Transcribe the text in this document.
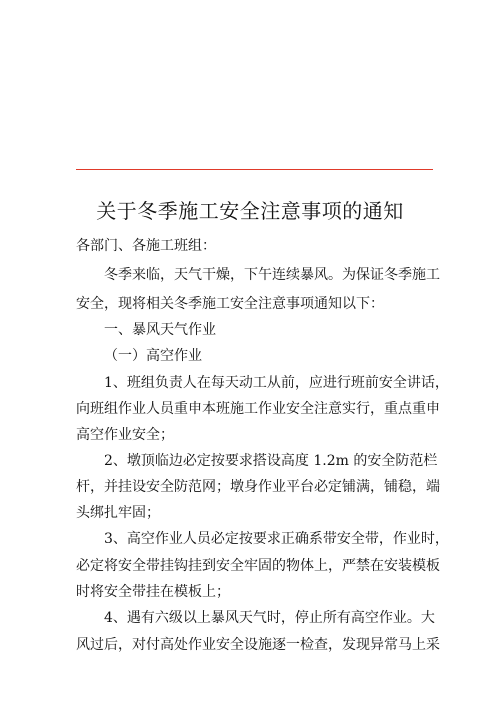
关于冬季施工安全注意事项的通知
各部门、各施工班组：
冬季来临，天气干燥，下午连续暴风。为保证冬季施工
安全，现将相关冬季施工安全注意事项通知以下：
一、暴风天气作业
（一）高空作业
1、班组负责人在每天动工从前，应进行班前安全讲话，
向班组作业人员重申本班施工作业安全注意实行，重点重申
高空作业安全；
2、墩顶临边必定按要求搭设高度 1.2m 的安全防范栏
杆，并挂设安全防范网；墩身作业平台必定铺满，铺稳，端
头绑扎牢固；
3、高空作业人员必定按要求正确系带安全带，作业时，
必定将安全带挂钩挂到安全牢固的物体上，严禁在安装模板
时将安全带挂在模板上；
4、遇有六级以上暴风天气时，停止所有高空作业。大
风过后，对付高处作业安全设施逐一检查，发现异常马上采
